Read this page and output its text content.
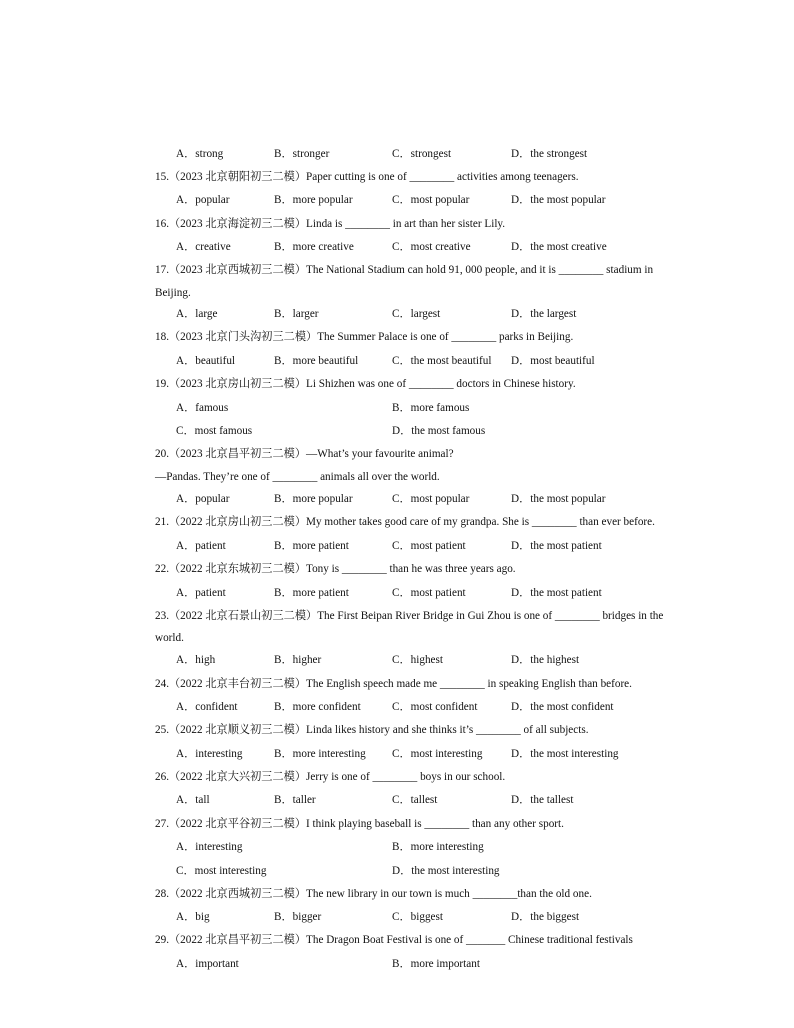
A．strong	B．stronger	C．strongest	D．the strongest
15.（2023 北京朝阳初三二模）Paper cutting is one of ________ activities among teenagers.
A．popular	B．more popular	C．most popular	D．the most popular
16.（2023 北京海淀初三二模）Linda is ________ in art than her sister Lily.
A．creative	B．more creative	C．most creative	D．the most creative
17.（2023 北京西城初三二模）The National Stadium can hold 91, 000 people, and it is ________ stadium in
Beijing.
A．large	B．larger	C．largest	D．the largest
18.（2023 北京门头沟初三二模）The Summer Palace is one of ________ parks in Beijing.
A．beautiful	B．more beautiful	C．the most beautiful D．most beautiful
19.（2023 北京房山初三二模）Li Shizhen was one of ________ doctors in Chinese history.
A．famous	B．more famous
C．most famous	D．the most famous
20.（2023 北京昌平初三二模）—What’s your favourite animal?
—Pandas. They’re one of ________ animals all over the world.
A．popular	B．more popular	C．most popular	D．the most popular
21.（2022 北京房山初三二模）My mother takes good care of my grandpa. She is ________ than ever before.
A．patient	B．more patient	C．most patient	D．the most patient
22.（2022 北京东城初三二模）Tony is ________ than he was three years ago.
A．patient	B．more patient	C．most patient	D．the most patient
23.（2022 北京石景山初三二模）The First Beipan River Bridge in Gui Zhou is one of ________ bridges in the
world.
A．high	B．higher	C．highest	D．the highest
24.（2022 北京丰台初三二模）The English speech made me ________ in speaking English than before.
A．confident	B．more confident	C．most confident	D．the most confident
25.（2022 北京顺义初三二模）Linda likes history and she thinks it’s ________ of all subjects.
A．interesting	B．more interesting C．most interesting	D．the most interesting
26.（2022 北京大兴初三二模）Jerry is one of ________ boys in our school.
A．tall	B．taller	C．tallest	D．the tallest
27.（2022 北京平谷初三二模）I think playing baseball is ________ than any other sport.
A．interesting	B．more interesting
C．most interesting	D．the most interesting
28.（2022 北京西城初三二模）The new library in our town is much ________than the old one.
A．big	B．bigger	C．biggest	D．the biggest
29.（2022 北京昌平初三二模）The Dragon Boat Festival is one of _______ Chinese traditional festivals
A．important	B．more important
